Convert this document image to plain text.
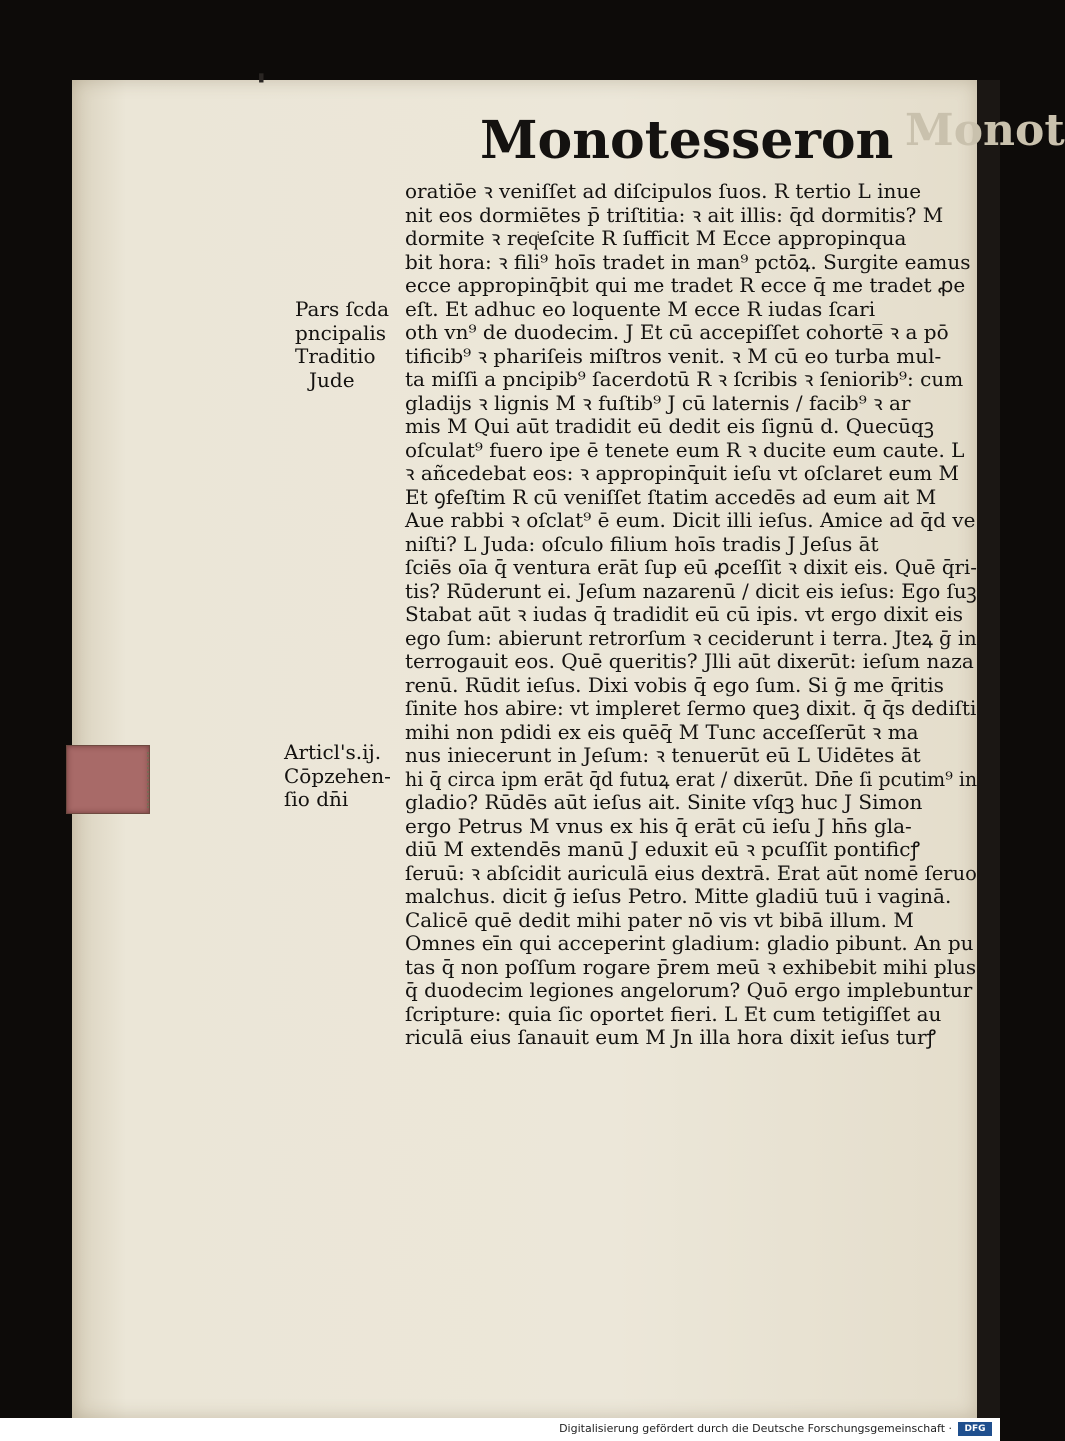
Monot
▮
Monotesseron
Pars ſcda
pncipalis
Traditio
Jude
Articl's.ij.
Cōpzehen-
ſio dn̄i
oratiōe ꝛ veniſſet ad diſcipulos ſuos. R tertio L inue
nit eos dormiētes p̄ triſtitia: ꝛ ait illis: q̄d dormitis? M
dormite ꝛ reqͥeſcite R ſufficit M Ecce appropinqua
bit hora: ꝛ fili⁹ hoīs tradet in man⁹ pctōꝝ. Surgite eamus
ecce appropinq̄bit qui me tradet R ecce q̄ me tradet ꝓe
eſt. Et adhuc eo loquente M ecce R iudas ſcari
oth vn⁹ de duodecim. J Et cū accepiſſet cohorte̅ ꝛ a pō
tificib⁹ ꝛ phariſeis miſtros venit. ꝛ M cū eo turba mul-
ta miſſi a pncipib⁹ ſacerdotū R ꝛ ſcribis ꝛ ſeniorib⁹: cum
gladijs ꝛ lignis M ꝛ fuſtib⁹ J cū laternis / facib⁹ ꝛ ar
mis M Qui aūt tradidit eū dedit eis ſignū d. Quecūqꝫ
oſculat⁹ fuero ipe ē tenete eum R ꝛ ducite eum caute. L
ꝛ añcedebat eos: ꝛ appropinq̄uit ieſu vt oſclaret eum M
Et ꝯfeſtim R cū veniſſet ſtatim accedēs ad eum ait M
Aue rabbi ꝛ oſclat⁹ ē eum. Dicit illi ieſus. Amice ad q̄d ve
niſti? L Juda: oſculo filium hoīs tradis J Jeſus āt
ſciēs oīa q̄ ventura erāt ſup eū ꝓceſſit ꝛ dixit eis. Quē q̄ri-
tis? Rūderunt ei. Jeſum nazarenū / dicit eis ieſus: Ego ſuꝫ
Stabat aūt ꝛ iudas q̄ tradidit eū cū ipis. vt ergo dixit eis
ego ſum: abierunt retrorſum ꝛ ceciderunt i terra. Jteꝝ ḡ in
terrogauit eos. Quē queritis? Jlli aūt dixerūt: ieſum naza
renū. Rūdit ieſus. Dixi vobis q̄ ego ſum. Si ḡ me q̄ritis
ſinite hos abire: vt impleret ſermo queꝫ dixit. q̄ q̄s dediſti
mihi non pdidi ex eis quēq̄ M Tunc acceſſerūt ꝛ ma
nus iniecerunt in Jeſum: ꝛ tenuerūt eū L Uidētes āt
hi q̄ circa ipm erāt q̄d futuꝝ erat / dixerūt. Dn̄e ſi pcutim⁹ in
gladio? Rūdēs aūt ieſus ait. Sinite vſqꝫ huc J Simon
ergo Petrus M vnus ex his q̄ erāt cū ieſu J hn̄s gla-
diū M extendēs manū J eduxit eū ꝛ pcuſſit pontificꝭ
ſeruū: ꝛ abſcidit auriculā eius dextrā. Erat aūt nomē ſeruo
malchus. dicit ḡ ieſus Petro. Mitte gladiū tuū i vaginā.
Calicē quē dedit mihi pater nō vis vt bibā illum. M
Omnes eīn qui acceperint gladium: gladio pibunt. An pu
tas q̄ non poſſum rogare p̄rem meū ꝛ exhibebit mihi plus
q̄ duodecim legiones angelorum? Quō ergo implebuntur
ſcripture: quia ſic oportet fieri. L Et cum tetigiſſet au
riculā eius ſanauit eum M Jn illa hora dixit ieſus turꝭ
Digitalisierung gefördert durch die Deutsche Forschungsgemeinschaft ·	DFG
